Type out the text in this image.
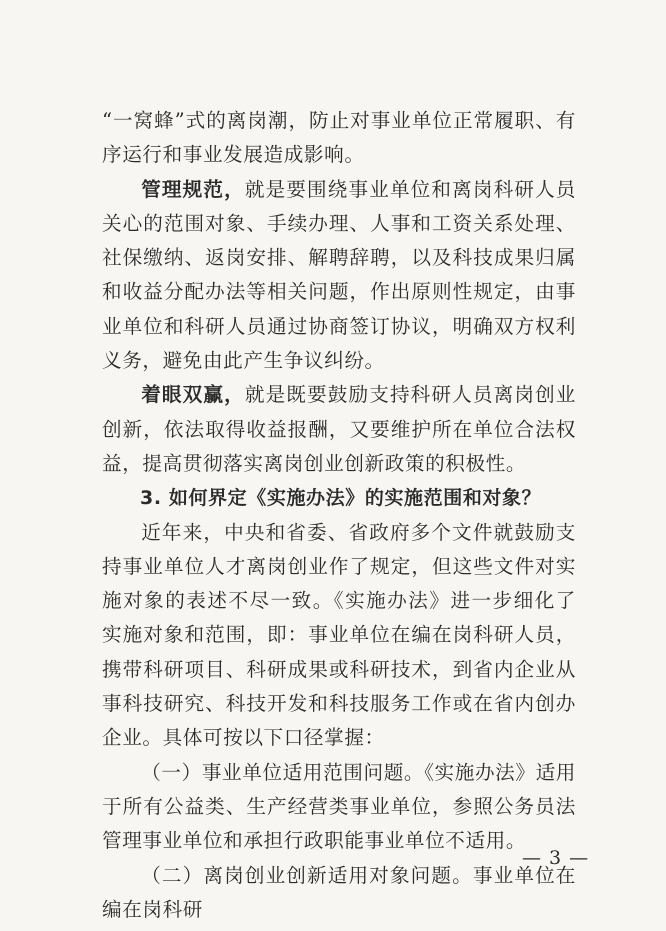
“一窝蜂”式的离岗潮，防止对事业单位正常履职、有序运行和事业发展造成影响。

管理规范，就是要围绕事业单位和离岗科研人员关心的范围对象、手续办理、人事和工资关系处理、社保缴纳、返岗安排、解聘辞聘，以及科技成果归属和收益分配办法等相关问题，作出原则性规定，由事业单位和科研人员通过协商签订协议，明确双方权利义务，避免由此产生争议纠纷。

着眼双赢，就是既要鼓励支持科研人员离岗创业创新，依法取得收益报酬，又要维护所在单位合法权益，提高贯彻落实离岗创业创新政策的积极性。

3. 如何界定《实施办法》的实施范围和对象？

近年来，中央和省委、省政府多个文件就鼓励支持事业单位人才离岗创业作了规定，但这些文件对实施对象的表述不尽一致。《实施办法》进一步细化了实施对象和范围，即：事业单位在编在岗科研人员，携带科研项目、科研成果或科研技术，到省内企业从事科技研究、科技开发和科技服务工作或在省内创办企业。具体可按以下口径掌握：

（一）事业单位适用范围问题。《实施办法》适用于所有公益类、生产经营类事业单位，参照公务员法管理事业单位和承担行政职能事业单位不适用。

（二）离岗创业创新适用对象问题。事业单位在编在岗科研

— 3 —
